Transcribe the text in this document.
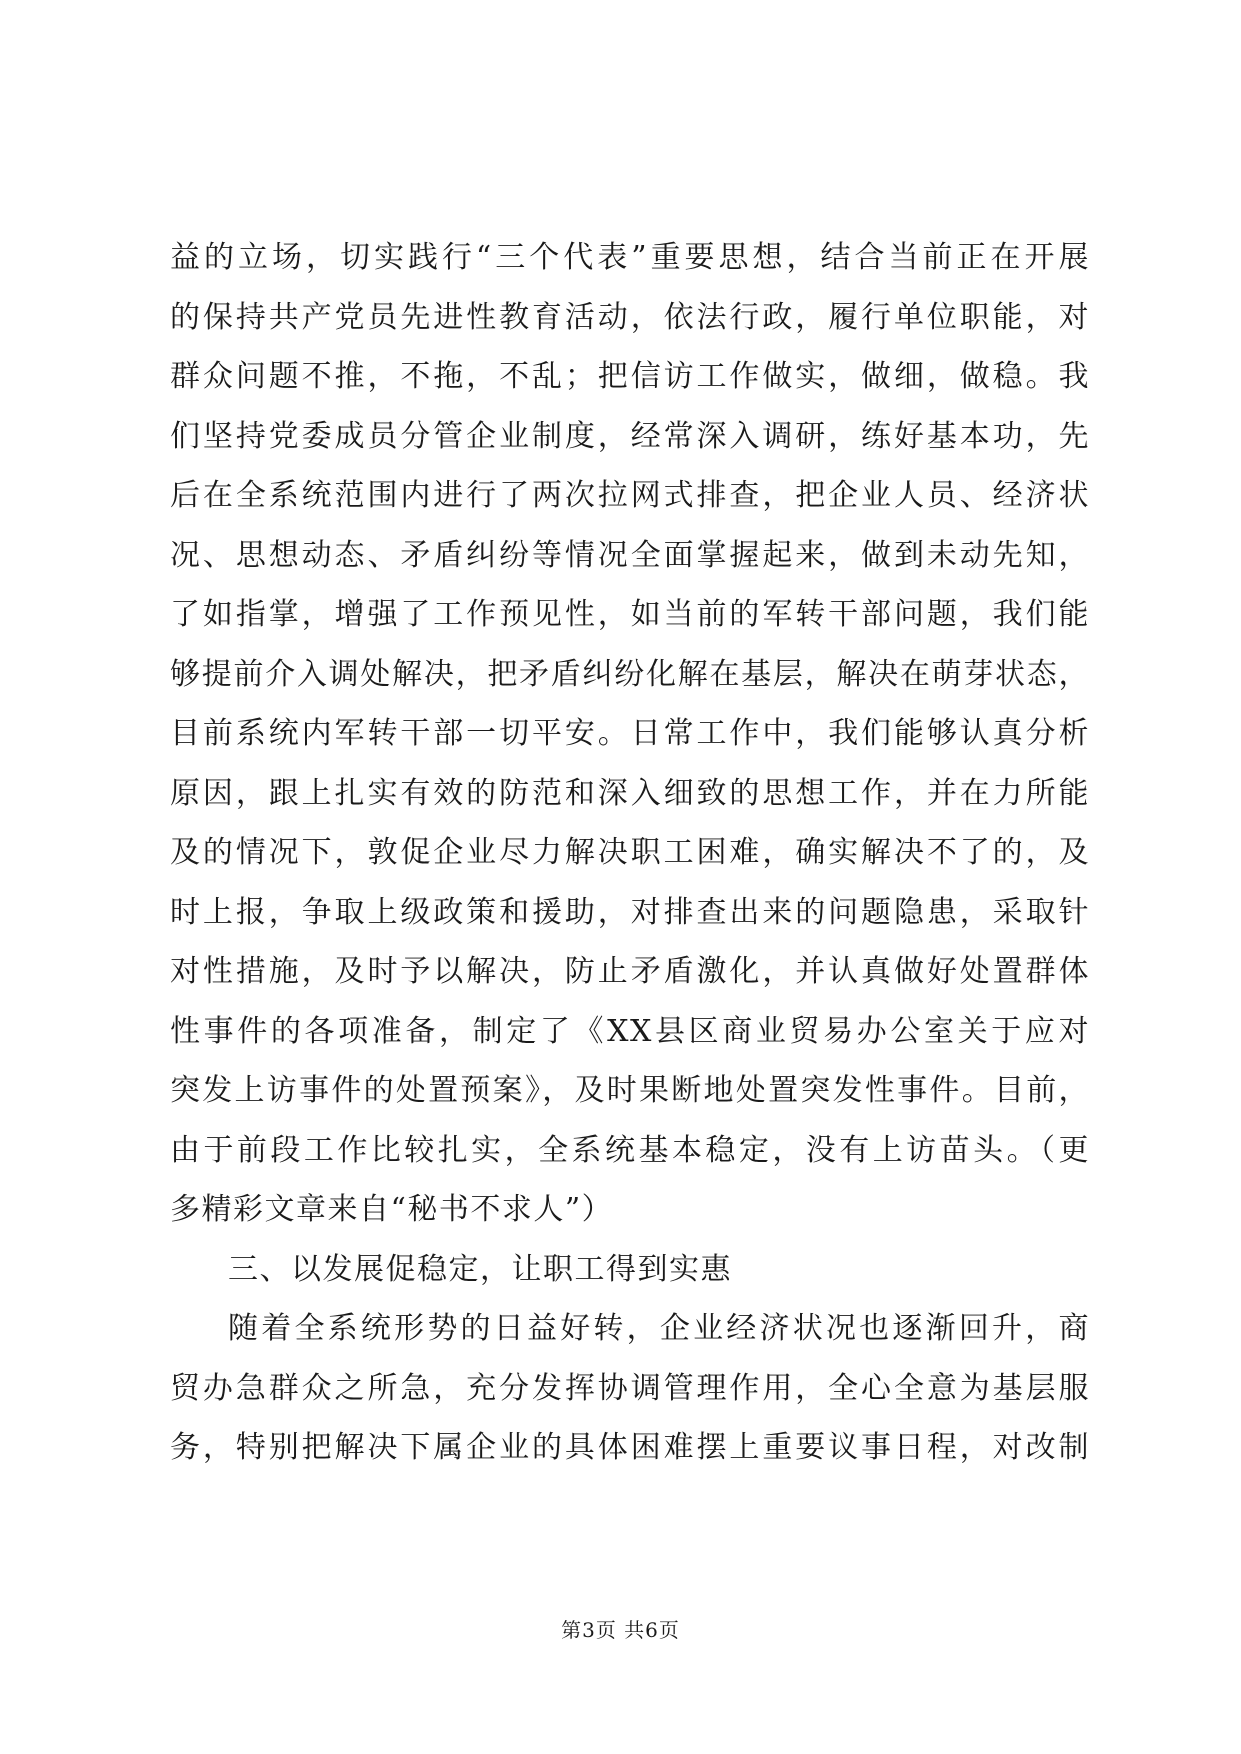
益的立场，切实践行“三个代表”重要思想，结合当前正在开展
的保持共产党员先进性教育活动，依法行政，履行单位职能，对
群众问题不推，不拖，不乱；把信访工作做实，做细，做稳。我
们坚持党委成员分管企业制度，经常深入调研，练好基本功，先
后在全系统范围内进行了两次拉网式排查，把企业人员、经济状
况、思想动态、矛盾纠纷等情况全面掌握起来，做到未动先知，
了如指掌，增强了工作预见性，如当前的军转干部问题，我们能
够提前介入调处解决，把矛盾纠纷化解在基层，解决在萌芽状态，
目前系统内军转干部一切平安。日常工作中，我们能够认真分析
原因，跟上扎实有效的防范和深入细致的思想工作，并在力所能
及的情况下，敦促企业尽力解决职工困难，确实解决不了的，及
时上报，争取上级政策和援助，对排查出来的问题隐患，采取针
对性措施，及时予以解决，防止矛盾激化，并认真做好处置群体
性事件的各项准备，制定了《XX县区商业贸易办公室关于应对
突发上访事件的处置预案》，及时果断地处置突发性事件。目前，
由于前段工作比较扎实，全系统基本稳定，没有上访苗头。（更
多精彩文章来自“秘书不求人”）
三、以发展促稳定，让职工得到实惠
随着全系统形势的日益好转，企业经济状况也逐渐回升，商
贸办急群众之所急，充分发挥协调管理作用，全心全意为基层服
务，特别把解决下属企业的具体困难摆上重要议事日程，对改制
第3页 共6页
